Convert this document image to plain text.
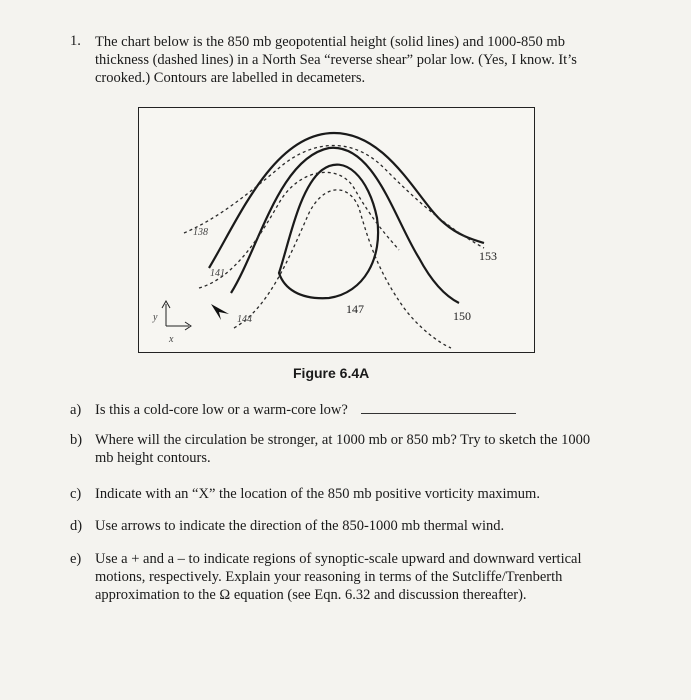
1. The chart below is the 850 mb geopotential height (solid lines) and 1000-850 mb
thickness (dashed lines) in a North Sea “reverse shear” polar low. (Yes, I know. It’s
crooked.) Contours are labelled in decameters.
147	150
153
138
141
144
y
x
Figure 6.4A
a) Is this a cold-core low or a warm-core low?
b) Where will the circulation be stronger, at 1000 mb or 850 mb? Try to sketch the 1000
mb height contours.
c) Indicate with an “X” the location of the 850 mb positive vorticity maximum.
d) Use arrows to indicate the direction of the 850-1000 mb thermal wind.
e) Use a + and a – to indicate regions of synoptic-scale upward and downward vertical
motions, respectively. Explain your reasoning in terms of the Sutcliffe/Trenberth
approximation to the Ω equation (see Eqn. 6.32 and discussion thereafter).
